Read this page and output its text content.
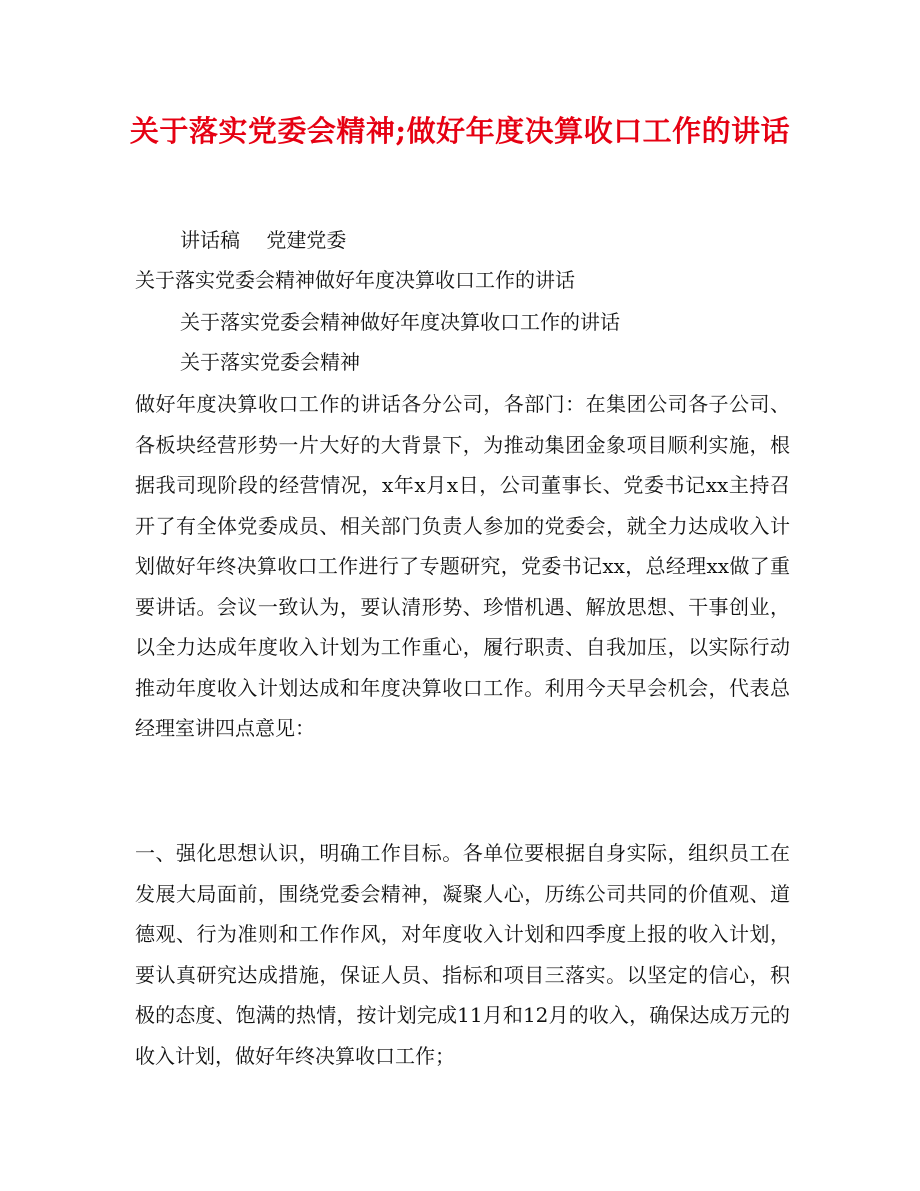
关于落实党委会精神;做好年度决算收口工作的讲话
讲话稿　 党建党委
关于落实党委会精神做好年度决算收口工作的讲话
关于落实党委会精神做好年度决算收口工作的讲话
关于落实党委会精神
做好年度决算收口工作的讲话各分公司，各部门：在集团公司各子公司、各板块经营形势一片大好的大背景下，为推动集团金象项目顺利实施，根据我司现阶段的经营情况，x年x月x日，公司董事长、党委书记xx主持召开了有全体党委成员、相关部门负责人参加的党委会，就全力达成收入计划做好年终决算收口工作进行了专题研究，党委书记xx，总经理xx做了重要讲话。会议一致认为，要认清形势、珍惜机遇、解放思想、干事创业，以全力达成年度收入计划为工作重心，履行职责、自我加压，以实际行动推动年度收入计划达成和年度决算收口工作。利用今天早会机会，代表总经理室讲四点意见：
一、强化思想认识，明确工作目标。各单位要根据自身实际，组织员工在发展大局面前，围绕党委会精神，凝聚人心，历练公司共同的价值观、道德观、行为准则和工作作风，对年度收入计划和四季度上报的收入计划，要认真研究达成措施，保证人员、指标和项目三落实。以坚定的信心，积极的态度、饱满的热情，按计划完成11月和12月的收入，确保达成万元的收入计划，做好年终决算收口工作；
